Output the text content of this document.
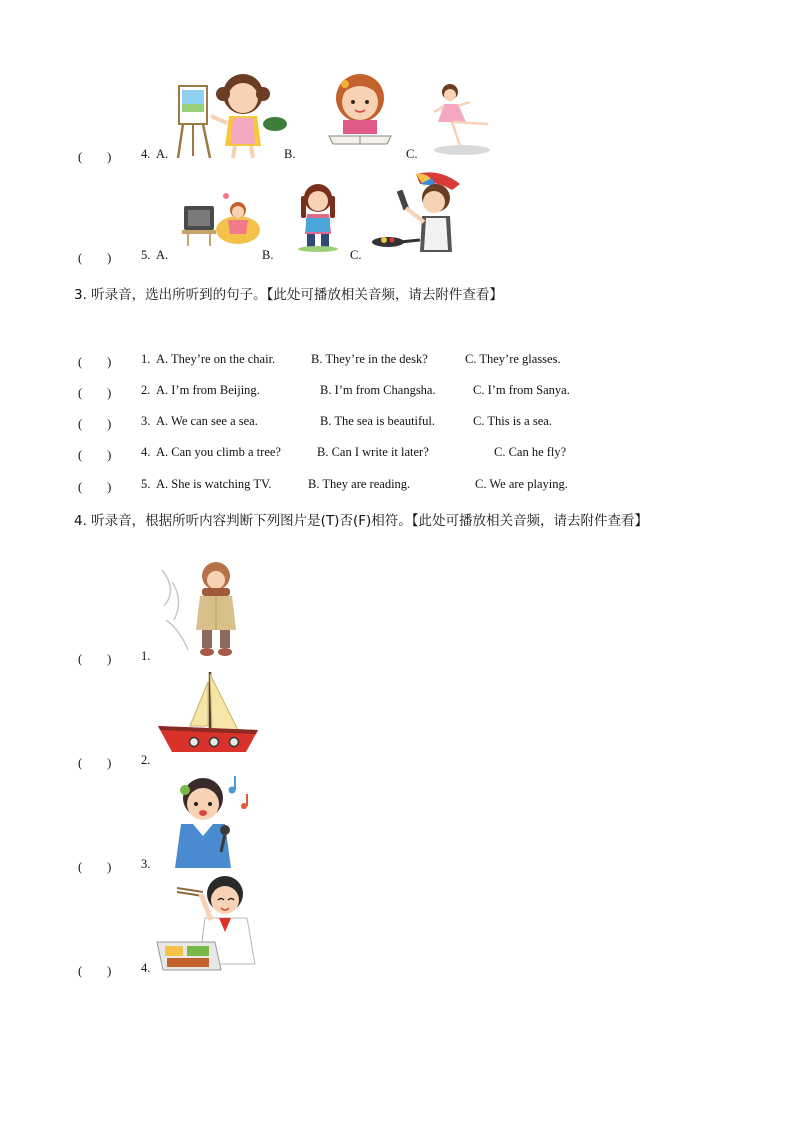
(　　) 4. A.	B.	C.
(　　) 5. A.	B.	C.
3. 听录音，选出所听到的句子。【此处可播放相关音频，请去附件查看】
(　　) 1. A. They’re on the chair.	B. They’re in the desk?	C. They’re glasses.
(　　) 2. A. I’m from Beijing.	B. I’m from Changsha.	C. I’m from Sanya.
(　　) 3. A. We can see a sea.	B. The sea is beautiful.	C. This is a sea.
(　　) 4. A. Can you climb a tree?	B. Can I write it later?	C. Can he fly?
(　　) 5. A. She is watching TV.	B. They are reading.	C. We are playing.
4. 听录音，根据所听内容判断下列图片是(T)否(F)相符。【此处可播放相关音频，请去附件查看】
(　　) 1.
(　　) 2.
(　　) 3.
(　　) 4.
